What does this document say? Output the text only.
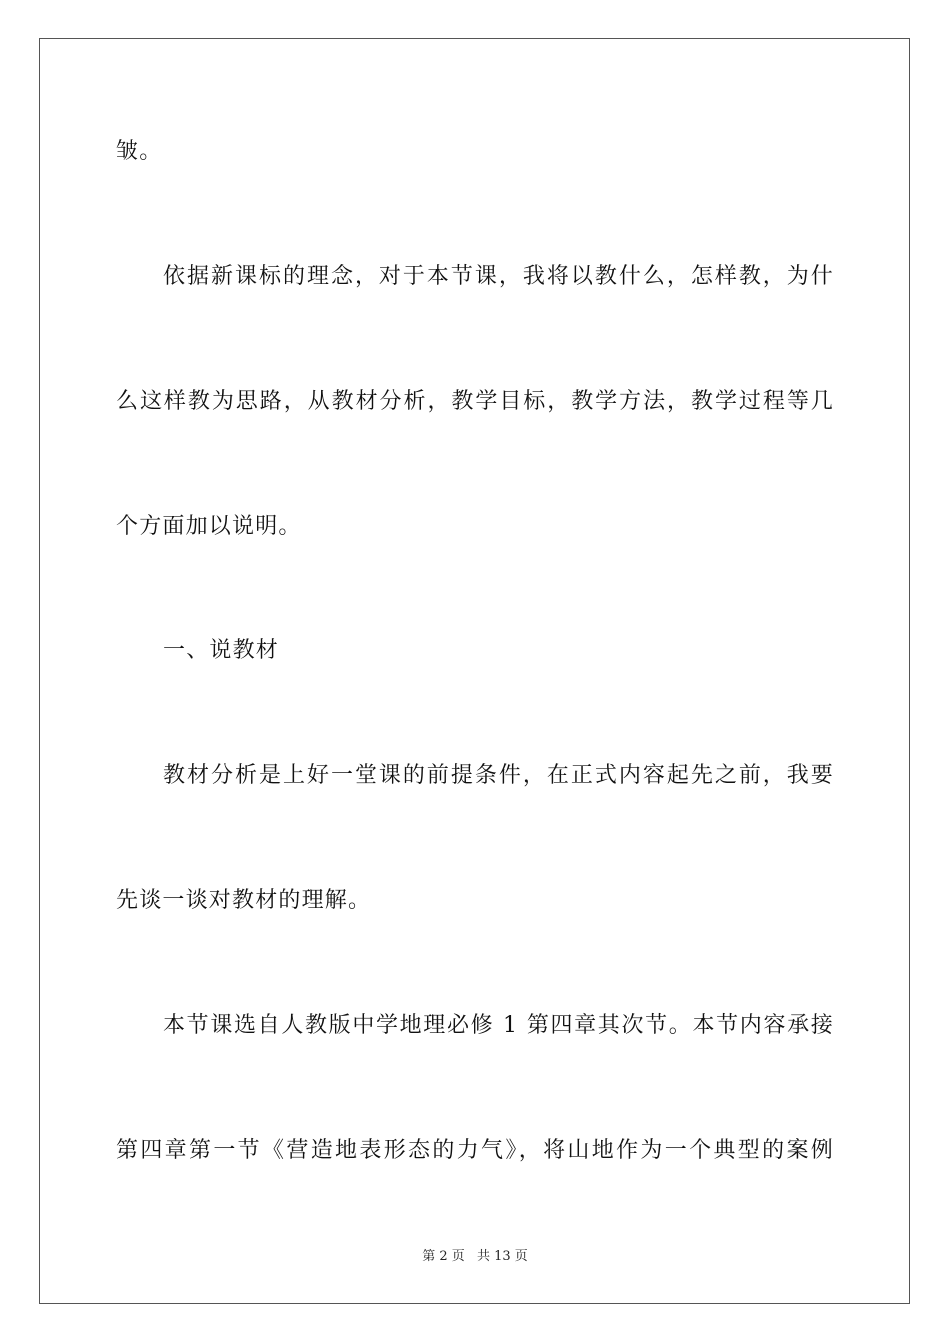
皱。
依据新课标的理念，对于本节课，我将以教什么，怎样教，为什
么这样教为思路，从教材分析，教学目标，教学方法，教学过程等几
个方面加以说明。
一、说教材
教材分析是上好一堂课的前提条件，在正式内容起先之前，我要
先谈一谈对教材的理解。
本节课选自人教版中学地理必修 1 第四章其次节。本节内容承接
第四章第一节《营造地表形态的力气》，将山地作为一个典型的案例
第 2 页 共 13 页
